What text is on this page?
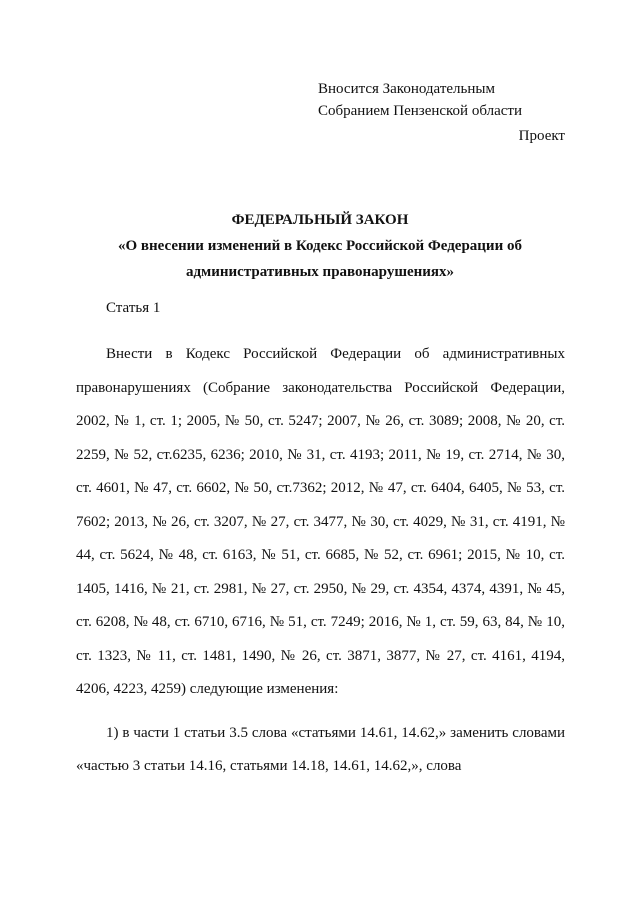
Вносится Законодательным
Собранием Пензенской области
Проект
ФЕДЕРАЛЬНЫЙ ЗАКОН
«О внесении изменений в Кодекс Российской Федерации об
административных правонарушениях»
Статья 1

Внести в Кодекс Российской Федерации об административных правонарушениях (Собрание законодательства Российской Федерации, 2002, № 1, ст. 1; 2005, № 50, ст. 5247; 2007, № 26, ст. 3089; 2008, № 20, ст. 2259, № 52, ст.6235, 6236; 2010, № 31, ст. 4193; 2011, № 19, ст. 2714, № 30, ст. 4601, № 47, ст. 6602, № 50, ст.7362; 2012, № 47, ст. 6404, 6405, № 53, ст. 7602; 2013, № 26, ст. 3207, № 27, ст. 3477, № 30, ст. 4029, № 31, ст. 4191, № 44, ст. 5624, № 48, ст. 6163, № 51, ст. 6685, № 52, ст. 6961; 2015, № 10, ст. 1405, 1416, № 21, ст. 2981, № 27, ст. 2950, № 29, ст. 4354, 4374, 4391, № 45, ст. 6208, № 48, ст. 6710, 6716, № 51, ст. 7249; 2016, № 1, ст. 59, 63, 84, № 10, ст. 1323, № 11, ст. 1481, 1490, № 26, ст. 3871, 3877, № 27, ст. 4161, 4194, 4206, 4223, 4259) следующие изменения:

1) в части 1 статьи 3.5 слова «статьями 14.61, 14.62,» заменить словами «частью 3 статьи 14.16, статьями 14.18, 14.61, 14.62,», слова
